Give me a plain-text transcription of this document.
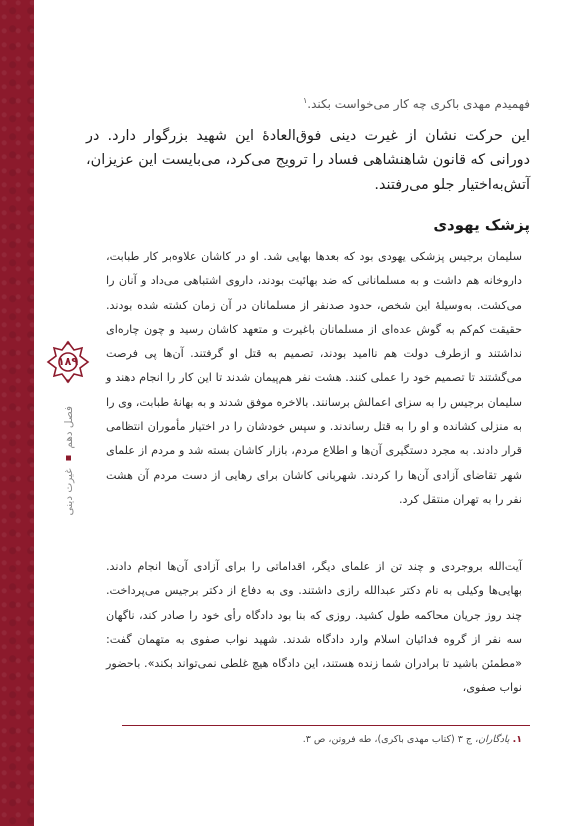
۱۸۹
فصل دهم  غیرت دینی
فهمیدم مهدی باکری چه کار می‌خواست بکند.$^۱$
این حرکت نشان از غیرت دینی فوق‌العادهٔ این شهید بزرگوار دارد. در دورانی که قانون شاهنشاهی فساد را ترویج می‌کرد، می‌بایست این عزیزان، آتش‌به‌اختیار جلو می‌رفتند.
پزشک یهودی
سلیمان برجیس پزشکی یهودی بود که بعدها بهایی شد. او در کاشان علاوه‌بر کار طبابت، داروخانه هم داشت و به مسلمانانی که ضد بهائیت بودند، داروی اشتباهی می‌داد و آنان را می‌کشت. به‌وسیلهٔ این شخص، حدود صدنفر از مسلمانان در آن زمان کشته شده بودند. حقیقت کم‌کم به گوش عده‌ای از مسلمانان باغیرت و متعهد کاشان رسید و چون چاره‌ای نداشتند و ازطرف دولت هم ناامید بودند، تصمیم به قتل او گرفتند. آن‌ها پی فرصت می‌گشتند تا تصمیم خود را عملی کنند. هشت نفر هم‌پیمان شدند تا این کار را انجام دهند و سلیمان برجیس را به سزای اعمالش برسانند. بالاخره موفق شدند و به بهانهٔ طبابت، وی را به منزلی کشانده و او را به قتل رساندند. و سپس خودشان را در اختیار مأموران انتظامی قرار دادند. به مجرد دستگیری آن‌ها و اطلاع مردم، بازار کاشان بسته شد و مردم از علمای شهر تقاضای آزادی آن‌ها را کردند. شهربانی کاشان برای رهایی از دست مردم آن هشت نفر را به تهران منتقل کرد.
آیت‌الله بروجردی و چند تن از علمای دیگر، اقداماتی را برای آزادی آن‌ها انجام دادند. بهایی‌ها وکیلی به نام دکتر عبدالله رازی داشتند. وی به دفاع از دکتر برجیس می‌پرداخت. چند روز جریان محاکمه طول کشید. روزی که بنا بود دادگاه رأی خود را صادر کند، ناگهان سه نفر از گروه فدائیان اسلام وارد دادگاه شدند. شهید نواب صفوی به متهمان گفت: «مطمئن باشید تا برادران شما زنده هستند، این دادگاه هیچ غلطی نمی‌تواند بکند». باحضور نواب صفوی،
۱. یادگاران، ج ۳ (کتاب مهدی باکری)، طه فروتن، ص ۳.
